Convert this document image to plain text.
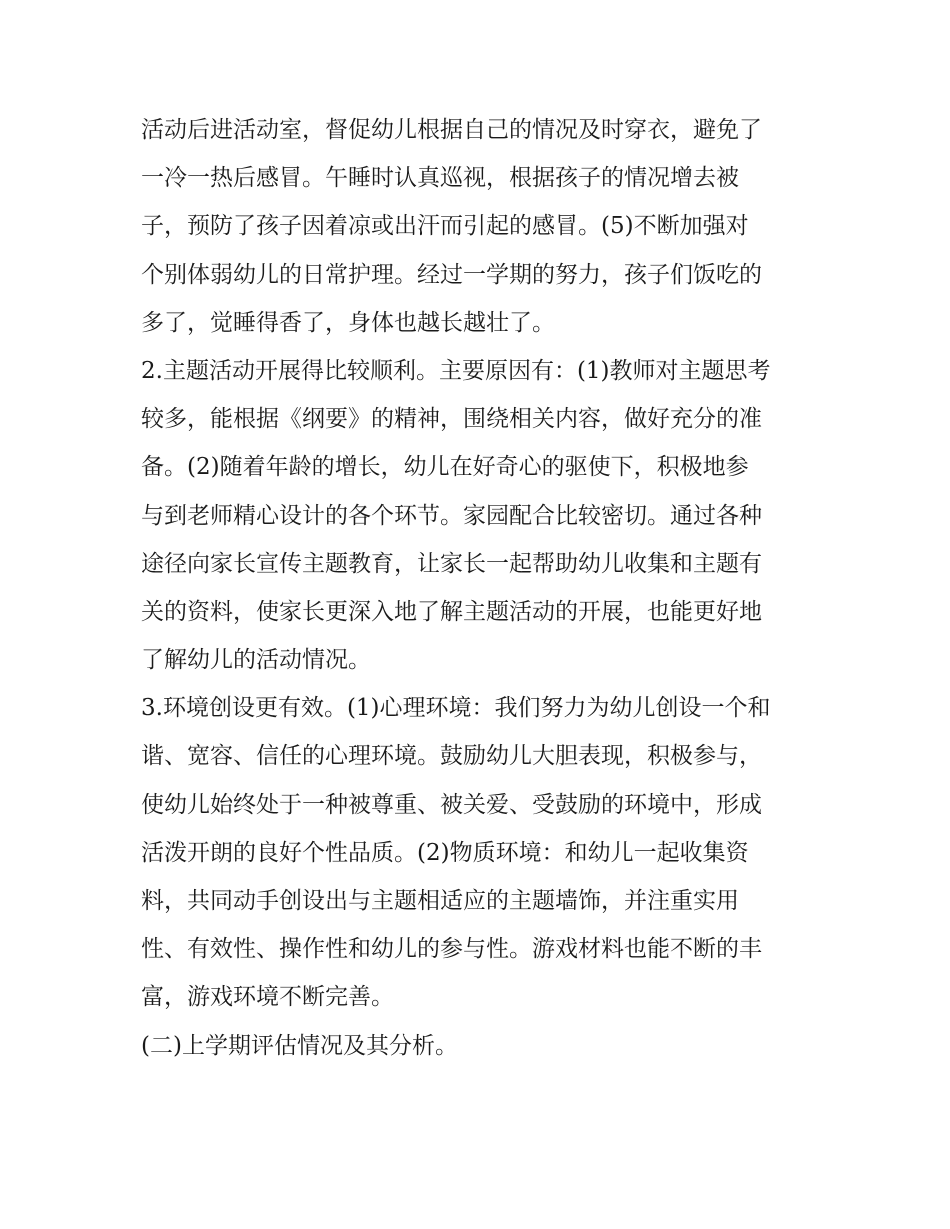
活动后进活动室，督促幼儿根据自己的情况及时穿衣，避免了
一冷一热后感冒。午睡时认真巡视，根据孩子的情况增去被
子，预防了孩子因着凉或出汗而引起的感冒。(5)不断加强对
个别体弱幼儿的日常护理。经过一学期的努力，孩子们饭吃的
多了，觉睡得香了，身体也越长越壮了。
2.主题活动开展得比较顺利。主要原因有：(1)教师对主题思考
较多，能根据《纲要》的精神，围绕相关内容，做好充分的准
备。(2)随着年龄的增长，幼儿在好奇心的驱使下，积极地参
与到老师精心设计的各个环节。家园配合比较密切。通过各种
途径向家长宣传主题教育，让家长一起帮助幼儿收集和主题有
关的资料，使家长更深入地了解主题活动的开展，也能更好地
了解幼儿的活动情况。
3.环境创设更有效。(1)心理环境：我们努力为幼儿创设一个和
谐、宽容、信任的心理环境。鼓励幼儿大胆表现，积极参与，
使幼儿始终处于一种被尊重、被关爱、受鼓励的环境中，形成
活泼开朗的良好个性品质。(2)物质环境：和幼儿一起收集资
料，共同动手创设出与主题相适应的主题墙饰，并注重实用
性、有效性、操作性和幼儿的参与性。游戏材料也能不断的丰
富，游戏环境不断完善。
(二)上学期评估情况及其分析。
